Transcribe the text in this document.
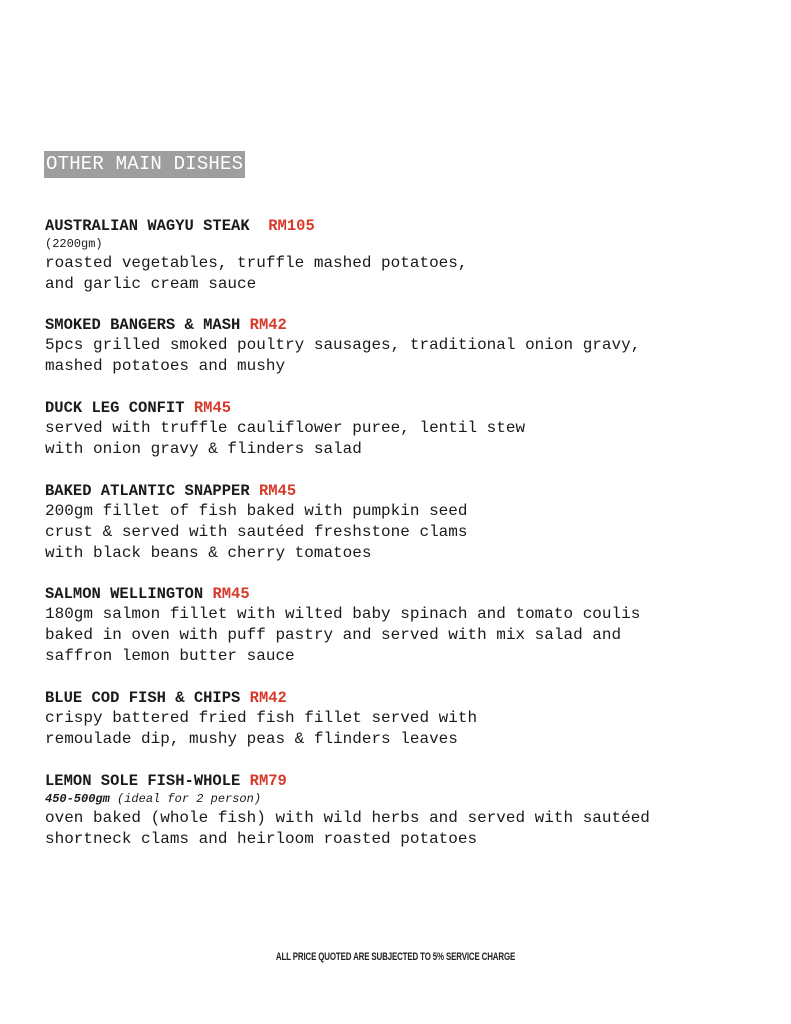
OTHER MAIN DISHES
AUSTRALIAN WAGYU STEAK RM105
(2200gm)
roasted vegetables, truffle mashed potatoes,
and garlic cream sauce
SMOKED BANGERS & MASH RM42
5pcs grilled smoked poultry sausages, traditional onion gravy,
mashed potatoes and mushy
DUCK LEG CONFIT RM45
served with truffle cauliflower puree, lentil stew
with onion gravy & flinders salad
BAKED ATLANTIC SNAPPER RM45
200gm fillet of fish baked with pumpkin seed
crust & served with sautéed freshstone clams
with black beans & cherry tomatoes
SALMON WELLINGTON RM45
180gm salmon fillet with wilted baby spinach and tomato coulis
baked in oven with puff pastry and served with mix salad and
saffron lemon butter sauce
BLUE COD FISH & CHIPS RM42
crispy battered fried fish fillet served with
remoulade dip, mushy peas & flinders leaves
LEMON SOLE FISH-WHOLE RM79
450-500gm (ideal for 2 person)
oven baked (whole fish) with wild herbs and served with sautéed
shortneck clams and heirloom roasted potatoes
ALL PRICE QUOTED ARE SUBJECTED TO 5% SERVICE CHARGE
